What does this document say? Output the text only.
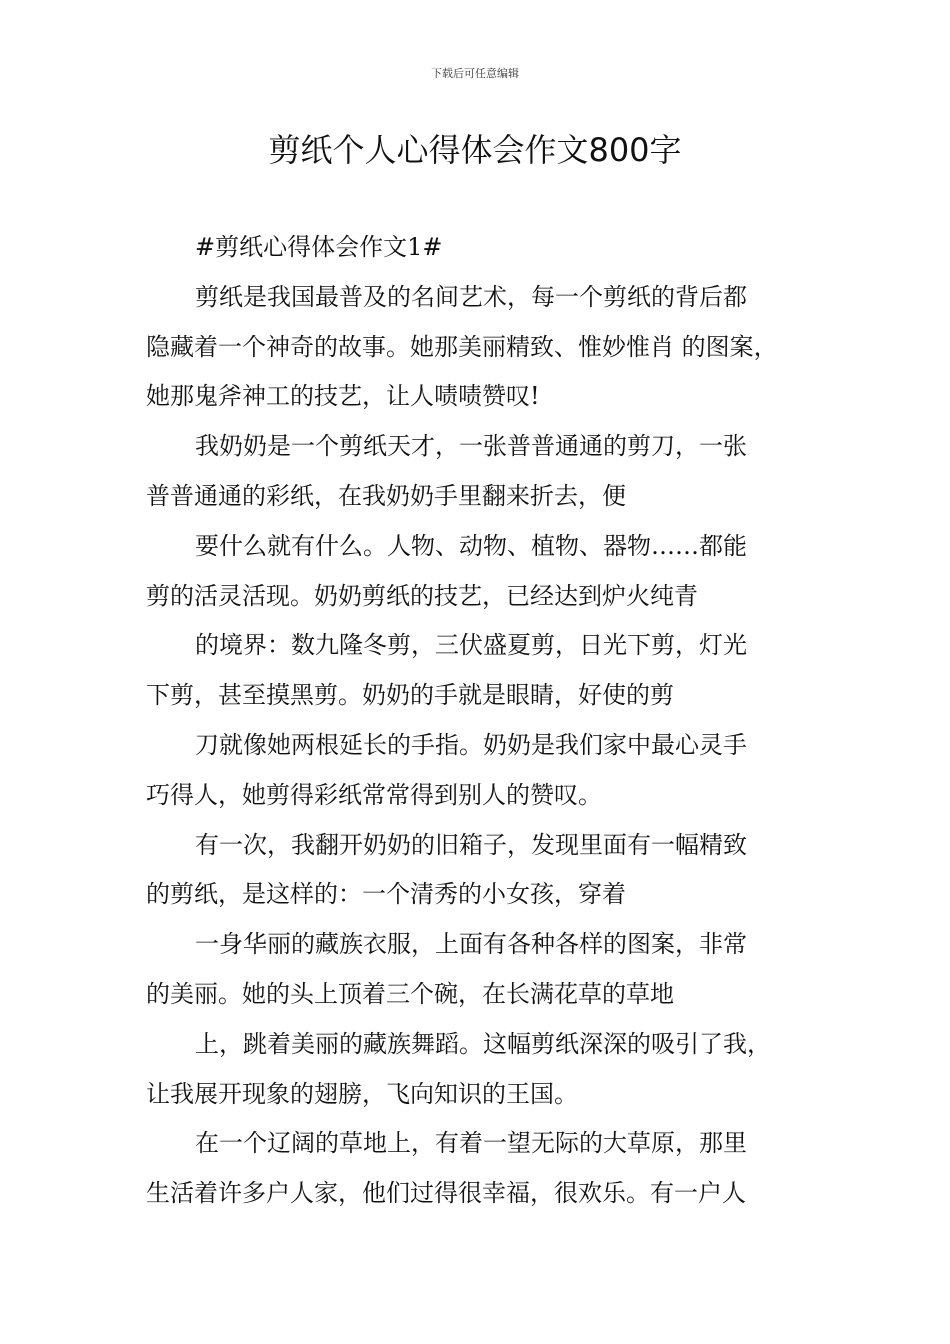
下载后可任意编辑
剪纸个人心得体会作文800字
#剪纸心得体会作文1#
剪纸是我国最普及的名间艺术，每一个剪纸的背后都
隐藏着一个神奇的故事。她那美丽精致、惟妙惟肖 的图案，
她那鬼斧神工的技艺，让人啧啧赞叹!
我奶奶是一个剪纸天才，一张普普通通的剪刀，一张
普普通通的彩纸，在我奶奶手里翻来折去，便
要什么就有什么。人物、动物、植物、器物……都能
剪的活灵活现。奶奶剪纸的技艺，已经达到炉火纯青
的境界：数九隆冬剪，三伏盛夏剪，日光下剪，灯光
下剪，甚至摸黑剪。奶奶的手就是眼睛，好使的剪
刀就像她两根延长的手指。奶奶是我们家中最心灵手
巧得人，她剪得彩纸常常得到别人的赞叹。
有一次，我翻开奶奶的旧箱子，发现里面有一幅精致
的剪纸，是这样的：一个清秀的小女孩，穿着
一身华丽的藏族衣服，上面有各种各样的图案，非常
的美丽。她的头上顶着三个碗，在长满花草的草地
上，跳着美丽的藏族舞蹈。这幅剪纸深深的吸引了我，
让我展开现象的翅膀，飞向知识的王国。
在一个辽阔的草地上，有着一望无际的大草原，那里
生活着许多户人家，他们过得很幸福，很欢乐。有一户人
